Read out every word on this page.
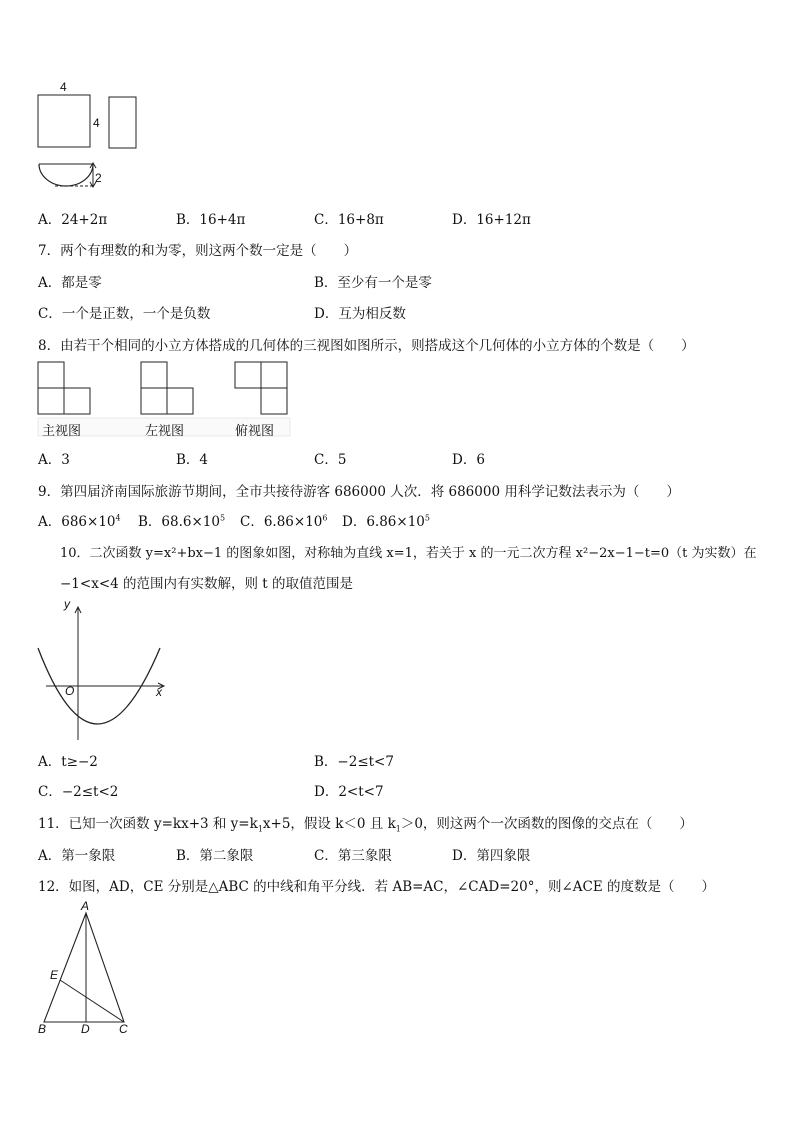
4
4
2
A．24+2π	B．16+4π	C．16+8π	D．16+12π
7．两个有理数的和为零，则这两个数一定是（　　）
A．都是零	B．至少有一个是零
C．一个是正数，一个是负数	D．互为相反数
8．由若干个相同的小立方体搭成的几何体的三视图如图所示，则搭成这个几何体的小立方体的个数是（　　）
主视图	左视图	俯视图
A．3	B．4	C．5	D．6
9．第四届济南国际旅游节期间，全市共接待游客 686000 人次．将 686000 用科学记数法表示为（　　）
A．$686\times 10^4$ B．$68.6\times 10^5$ C．$6.86\times 10^6$ D．$6.86\times 10^5$
10．二次函数 y=x²+bx−1 的图象如图，对称轴为直线 x=1，若关于 x 的一元二次方程 x²−2x−1−t=0（t 为实数）在
−1<x<4 的范围内有实数解，则 t 的取值范围是
y
x
O
A．t≥−2	B．−2≤t<7
C．−2≤t<2	D．2<t<7
11．已知一次函数 y=kx+3 和 $y=k_1x+5$，假设 k＜0 且 $k_1>0$，则这两个一次函数的图像的交点在（　　）
A．第一象限	B．第二象限	C．第三象限	D．第四象限
12．如图，AD，CE 分别是△ABC 的中线和角平分线．若 AB=AC，∠CAD=20°，则∠ACE 的度数是（　　）
A
E
B	D C
